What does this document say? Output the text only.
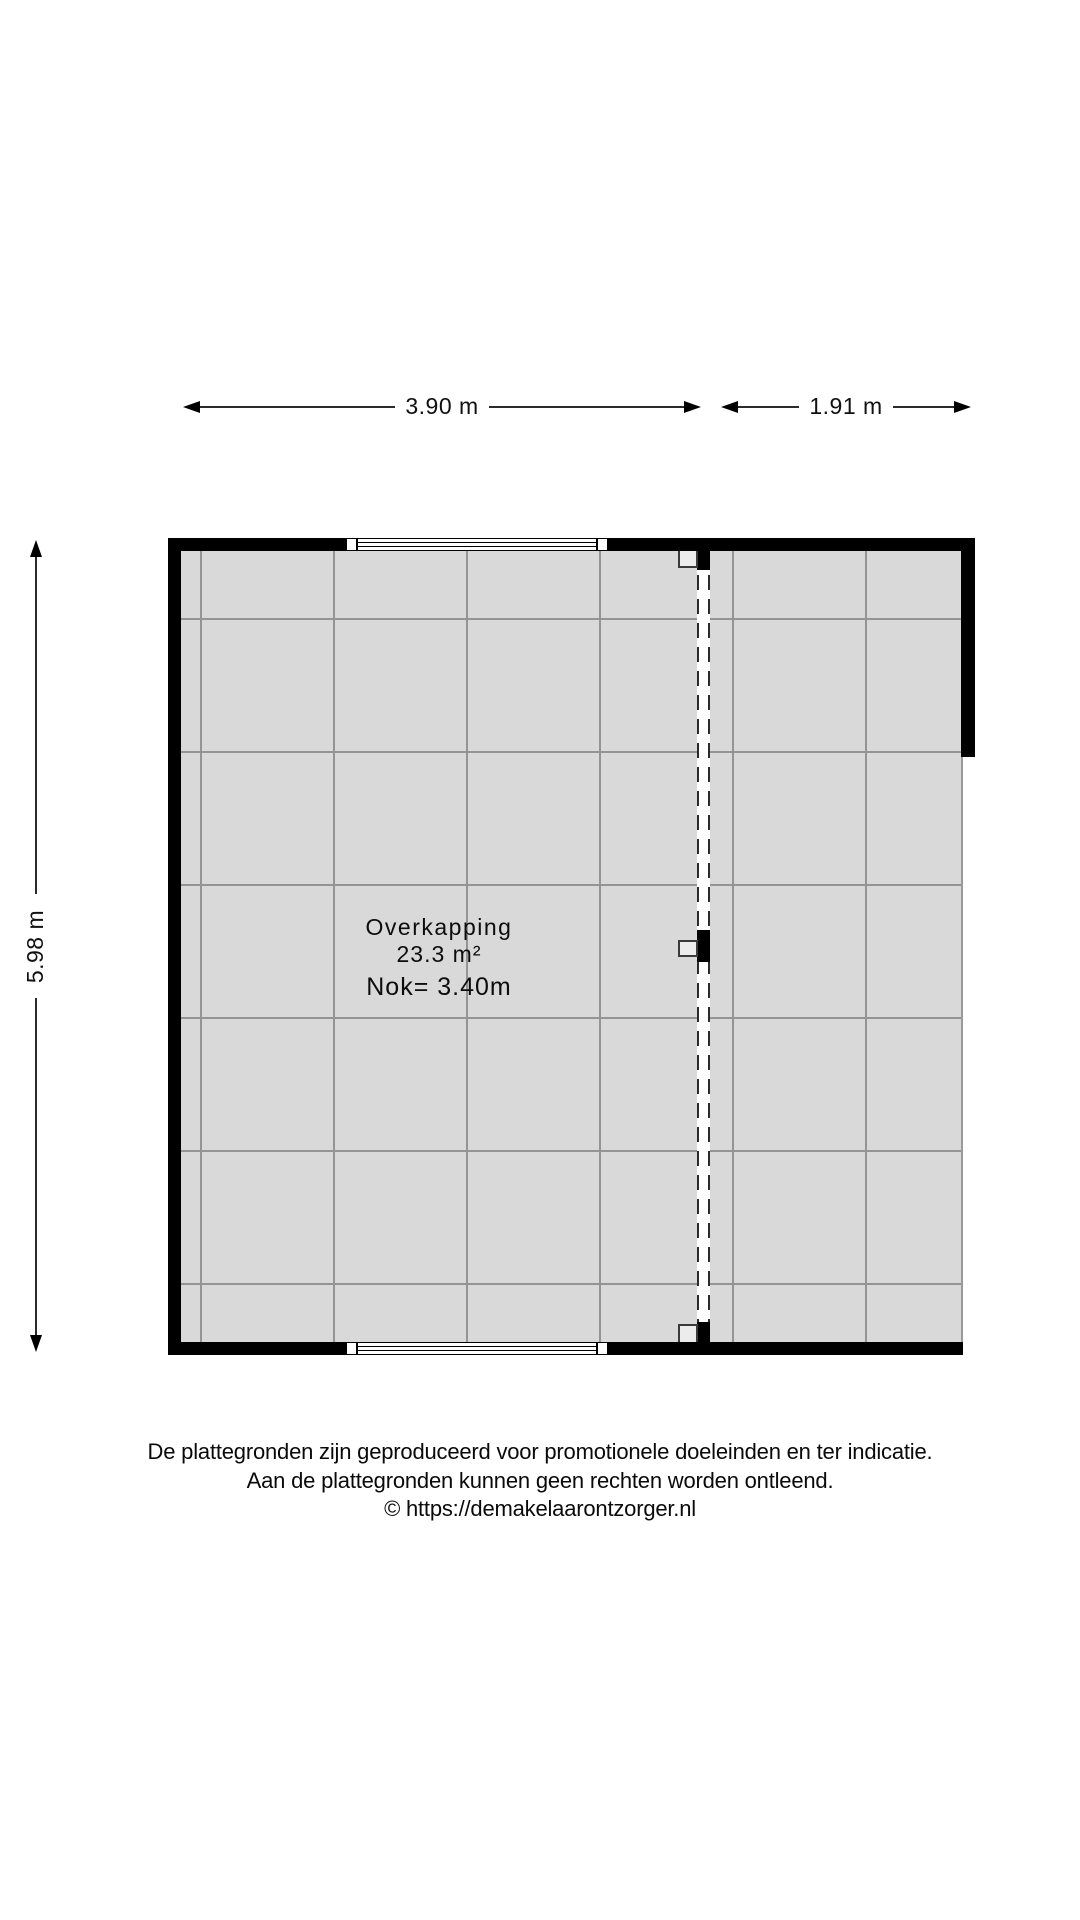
3.90 m	1.91 m
5.98 m	Overkapping
23.3 m²
Nok= 3.40m
De plattegronden zijn geproduceerd voor promotionele doeleinden en ter indicatie.
Aan de plattegronden kunnen geen rechten worden ontleend.
© https://demakelaarontzorger.nl
